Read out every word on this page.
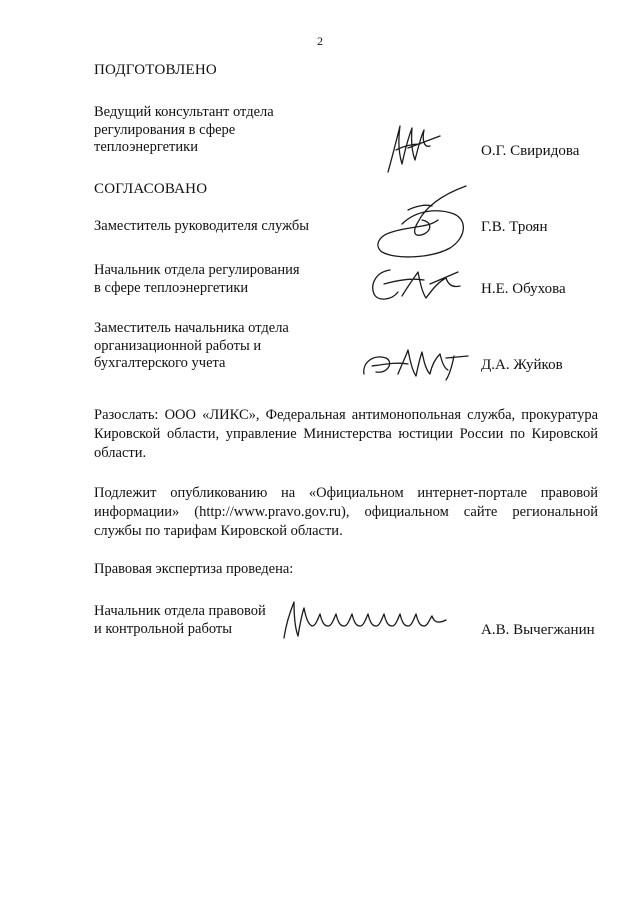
2
ПОДГОТОВЛЕНО
Ведущий консультант отдела
регулирования в сфере
теплоэнергетики	О.Г. Свиридова
СОГЛАСОВАНО
Заместитель руководителя службы	Г.В. Троян
Начальник отдела регулирования
в сфере теплоэнергетики	Н.Е. Обухова
Заместитель начальника отдела
организационной работы и
бухгалтерского учета	Д.А. Жуйков
Разослать: ООО «ЛИКС», Федеральная антимонопольная служба, прокуратура Кировской области, управление Министерства юстиции России по Кировской области.
Подлежит опубликованию на «Официальном интернет-портале правовой информации» (http://www.pravo.gov.ru), официальном сайте региональной службы по тарифам Кировской области.
Правовая экспертиза проведена:
Начальник отдела правовой
и контрольной работы	А.В. Вычегжанин
